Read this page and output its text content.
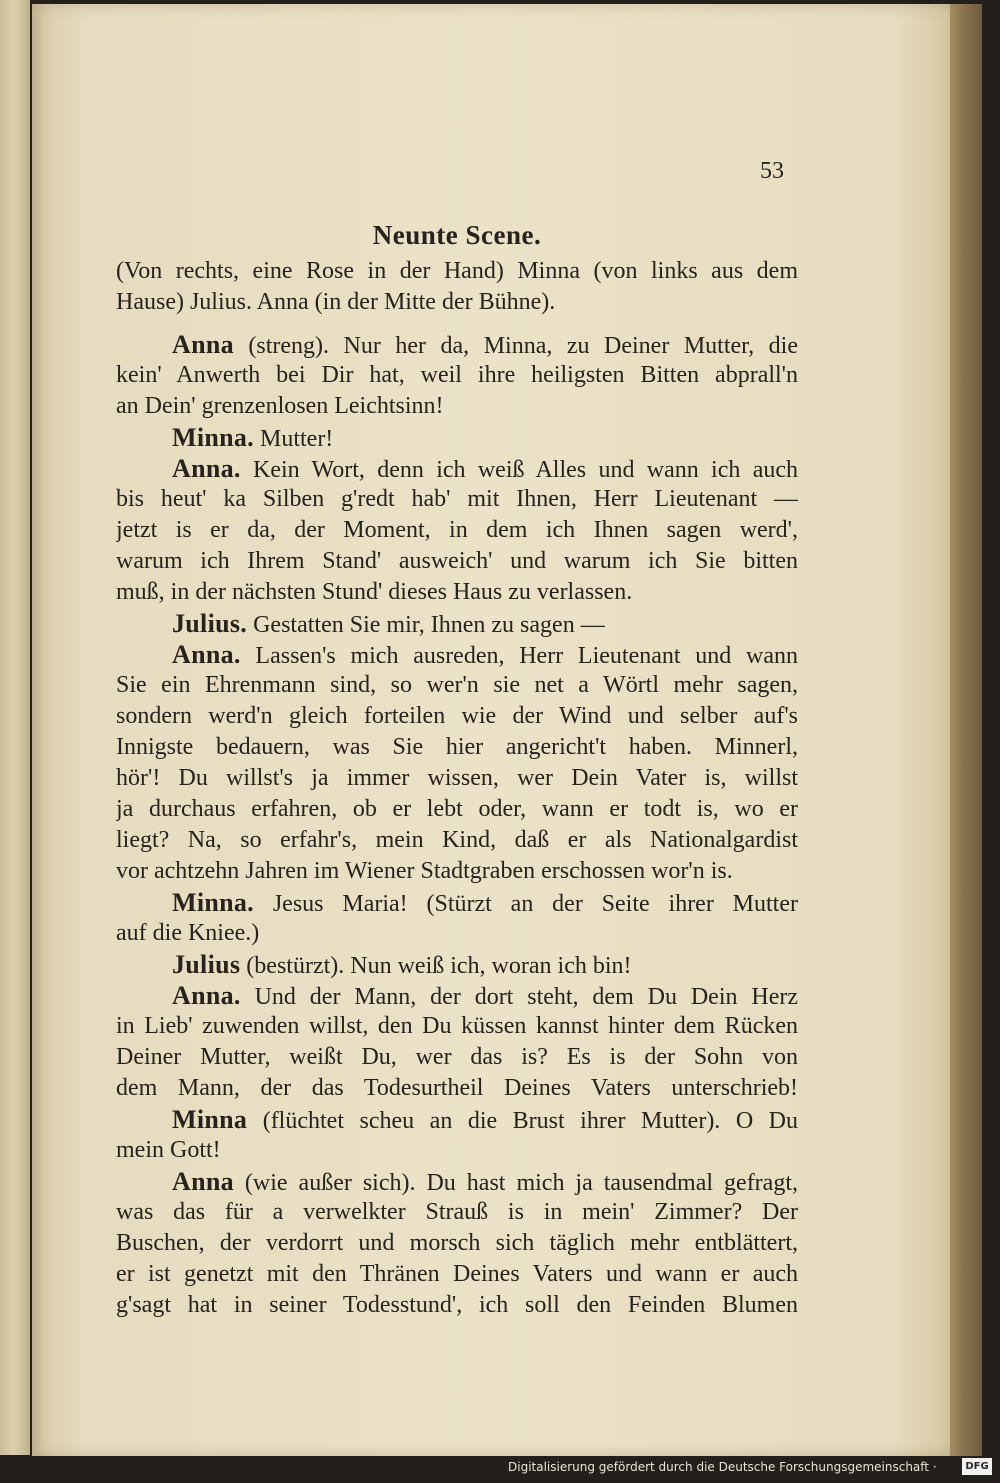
53
Neunte Scene.
(Von rechts, eine Rose in der Hand) Minna (von links aus dem
Hause) Julius. Anna (in der Mitte der Bühne).
Anna (streng). Nur her da, Minna, zu Deiner Mutter, die
kein' Anwerth bei Dir hat, weil ihre heiligsten Bitten abprall'n
an Dein' grenzenlosen Leichtsinn!
Minna. Mutter!
Anna. Kein Wort, denn ich weiß Alles und wann ich auch
bis heut' ka Silben g'redt hab' mit Ihnen, Herr Lieutenant —
jetzt is er da, der Moment, in dem ich Ihnen sagen werd',
warum ich Ihrem Stand' ausweich' und warum ich Sie bitten
muß, in der nächsten Stund' dieses Haus zu verlassen.
Julius. Gestatten Sie mir, Ihnen zu sagen —
Anna. Lassen's mich ausreden, Herr Lieutenant und wann
Sie ein Ehrenmann sind, so wer'n sie net a Wörtl mehr sagen,
sondern werd'n gleich forteilen wie der Wind und selber auf's
Innigste bedauern, was Sie hier angericht't haben. Minnerl,
hör'! Du willst's ja immer wissen, wer Dein Vater is, willst
ja durchaus erfahren, ob er lebt oder, wann er todt is, wo er
liegt? Na, so erfahr's, mein Kind, daß er als Nationalgardist
vor achtzehn Jahren im Wiener Stadtgraben erschossen wor'n is.
Minna. Jesus Maria! (Stürzt an der Seite ihrer Mutter
auf die Kniee.)
Julius (bestürzt). Nun weiß ich, woran ich bin!
Anna. Und der Mann, der dort steht, dem Du Dein Herz
in Lieb' zuwenden willst, den Du küssen kannst hinter dem Rücken
Deiner Mutter, weißt Du, wer das is? Es is der Sohn von
dem Mann, der das Todesurtheil Deines Vaters unterschrieb!
Minna (flüchtet scheu an die Brust ihrer Mutter). O Du
mein Gott!
Anna (wie außer sich). Du hast mich ja tausendmal gefragt,
was das für a verwelkter Strauß is in mein' Zimmer? Der
Buschen, der verdorrt und morsch sich täglich mehr entblättert,
er ist genetzt mit den Thränen Deines Vaters und wann er auch
g'sagt hat in seiner Todesstund', ich soll den Feinden Blumen
Digitalisierung gefördert durch die Deutsche Forschungsgemeinschaft ·	DFG
